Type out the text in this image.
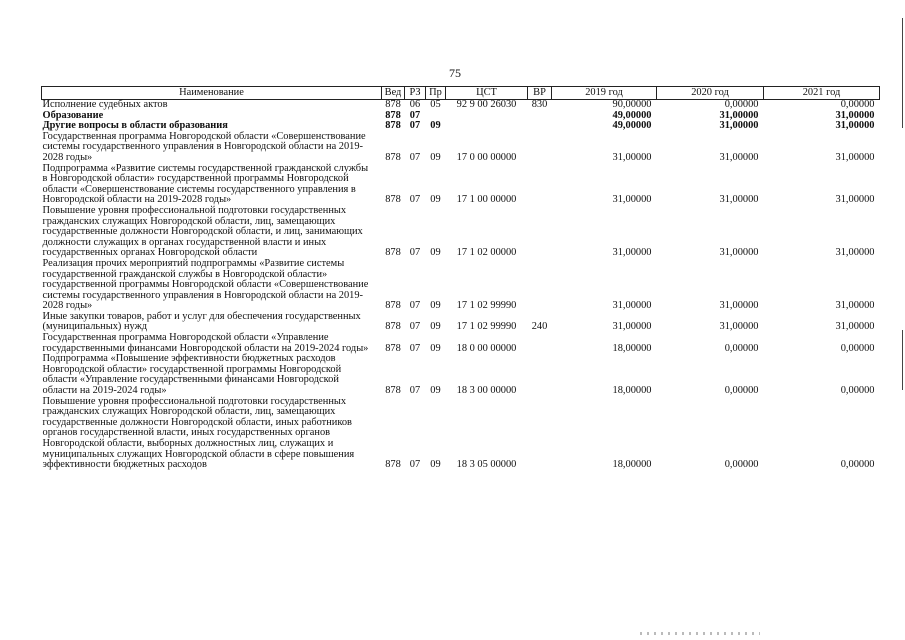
75
Наименование	Вед	РЗ	Пр	ЦСТ	ВР	2019 год	2020 год	2021 год
Исполнение судебных актов	878	06	05	92 9 00 26030	830	90,00000	0,00000	0,00000
Образование	878	07				49,00000	31,00000	31,00000
Другие вопросы в области образования	878	07	09			49,00000	31,00000	31,00000
Государственная программа Новгородской области «Совершенствование системы государственного управления в Новгородской области на 2019-2028 годы»	878	07	09	17 0 00 00000		31,00000	31,00000	31,00000
Подпрограмма «Развитие системы государственной гражданской службы в Новгородской области» государственной программы Новгородской области «Совершенствование системы государственного управления в Новгородской области на 2019-2028 годы»	878	07	09	17 1 00 00000		31,00000	31,00000	31,00000
Повышение уровня профессиональной подготовки государственных гражданских служащих Новгородской области, лиц, замещающих государственные должности Новгородской области, и лиц, занимающих должности служащих в органах государственной власти и иных государственных органах Новгородской области	878	07	09	17 1 02 00000		31,00000	31,00000	31,00000
Реализация прочих мероприятий подпрограммы «Развитие системы государственной гражданской службы в Новгородской области» государственной программы Новгородской области «Совершенствование системы государственного управления в Новгородской области на 2019-2028 годы»	878	07	09	17 1 02 99990		31,00000	31,00000	31,00000
Иные закупки товаров, работ и услуг для обеспечения государственных (муниципальных) нужд	878	07	09	17 1 02 99990	240	31,00000	31,00000	31,00000
Государственная программа Новгородской области «Управление государственными финансами Новгородской области на 2019-2024 годы»	878	07	09	18 0 00 00000		18,00000	0,00000	0,00000
Подпрограмма «Повышение эффективности бюджетных расходов Новгородской области» государственной программы Новгородской области «Управление государственными финансами Новгородской области на 2019-2024 годы»	878	07	09	18 3 00 00000		18,00000	0,00000	0,00000
Повышение уровня профессиональной подготовки государственных гражданских служащих Новгородской области, лиц, замещающих государственные должности Новгородской области, иных работников органов государственной власти, иных государственных органов Новгородской области, выборных должностных лиц, служащих и муниципальных служащих Новгородской области в сфере повышения эффективности бюджетных расходов	878	07	09	18 3 05 00000		18,00000	0,00000	0,00000
